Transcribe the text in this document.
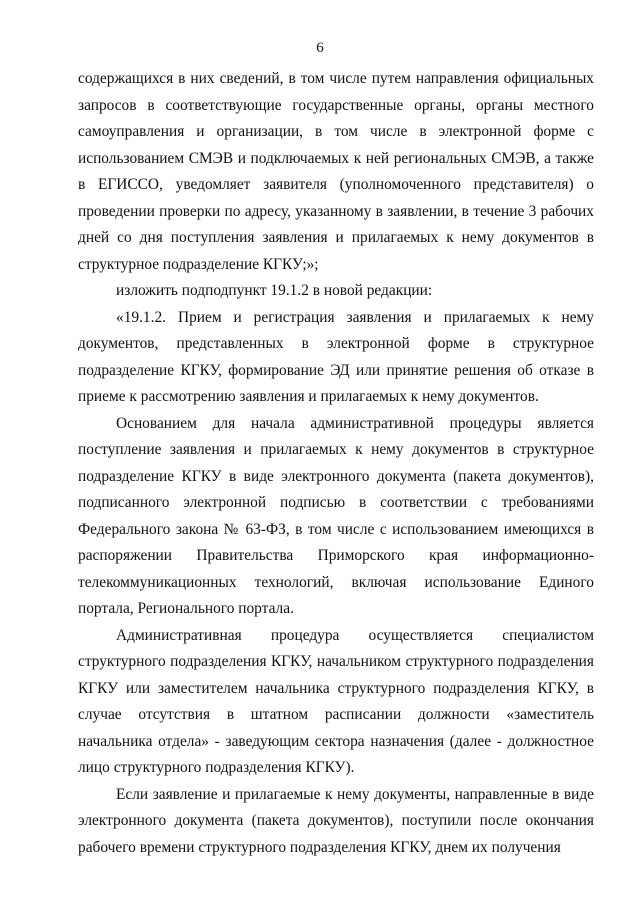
6

содержащихся в них сведений, в том числе путем направления официальных запросов в соответствующие государственные органы, органы местного самоуправления и организации, в том числе в электронной форме с использованием СМЭВ и подключаемых к ней региональных СМЭВ, а также в ЕГИССО, уведомляет заявителя (уполномоченного представителя) о проведении проверки по адресу, указанному в заявлении, в течение 3 рабочих дней со дня поступления заявления и прилагаемых к нему документов в структурное подразделение КГКУ;»;

изложить подподпункт 19.1.2 в новой редакции:

«19.1.2. Прием и регистрация заявления и прилагаемых к нему документов, представленных в электронной форме в структурное подразделение КГКУ, формирование ЭД или принятие решения об отказе в приеме к рассмотрению заявления и прилагаемых к нему документов.

Основанием для начала административной процедуры является поступление заявления и прилагаемых к нему документов в структурное подразделение КГКУ в виде электронного документа (пакета документов), подписанного электронной подписью в соответствии с требованиями Федерального закона № 63-ФЗ, в том числе с использованием имеющихся в распоряжении Правительства Приморского края информационно-телекоммуникационных технологий, включая использование Единого портала, Регионального портала.

Административная процедура осуществляется специалистом структурного подразделения КГКУ, начальником структурного подразделения КГКУ или заместителем начальника структурного подразделения КГКУ, в случае отсутствия в штатном расписании должности «заместитель начальника отдела» - заведующим сектора назначения (далее - должностное лицо структурного подразделения КГКУ).

Если заявление и прилагаемые к нему документы, направленные в виде электронного документа (пакета документов), поступили после окончания рабочего времени структурного подразделения КГКУ, днем их получения
